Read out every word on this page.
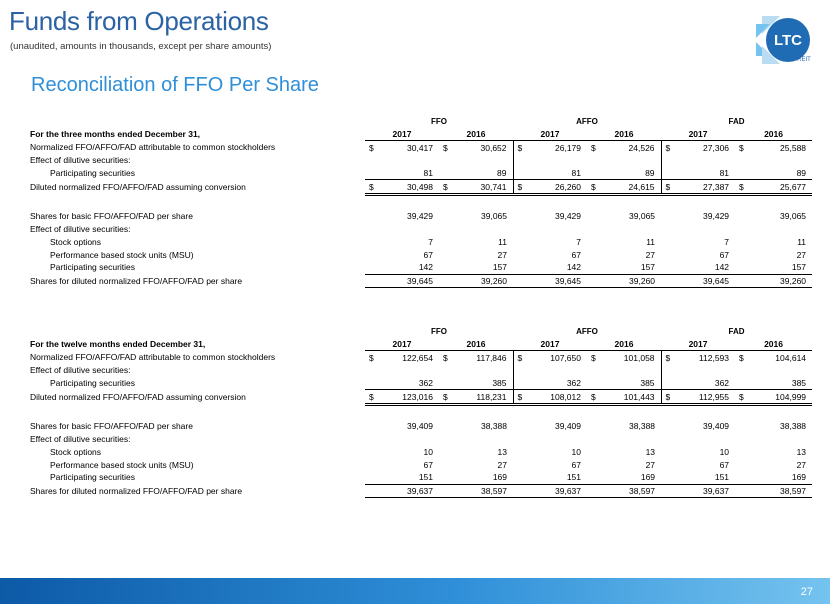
Funds from Operations
(unaudited, amounts in thousands, except per share amounts)
Reconciliation of FFO Per Share
LTC
REIT
	FFO				AFFO				FAD			
For the three months ended December 31,	2017		2016		2017		2016		2017		2016	
Normalized FFO/AFFO/FAD attributable to common stockholders	$	30,417	$	30,652	$	26,179	$	24,526	$	27,306	$	25,588
Effect of dilutive securities:												
Participating securities		81		89		81		89		81		89
Diluted normalized FFO/AFFO/FAD assuming conversion	$	30,498	$	30,741	$	26,260	$	24,615	$	27,387	$	25,677

Shares for basic FFO/AFFO/FAD per share		39,429		39,065		39,429		39,065		39,429		39,065
Effect of dilutive securities:												
Stock options		7		11		7		11		7		11
Performance based stock units (MSU)		67		27		67		27		67		27
Participating securities		142		157		142		157		142		157
Shares for diluted normalized FFO/AFFO/FAD per share		39,645		39,260		39,645		39,260		39,645		39,260
	FFO				AFFO				FAD			
For the twelve months ended December 31,	2017		2016		2017		2016		2017		2016	
Normalized FFO/AFFO/FAD attributable to common stockholders	$	122,654	$	117,846	$	107,650	$	101,058	$	112,593	$	104,614
Effect of dilutive securities:												
Participating securities		362		385		362		385		362		385
Diluted normalized FFO/AFFO/FAD assuming conversion	$	123,016	$	118,231	$	108,012	$	101,443	$	112,955	$	104,999

Shares for basic FFO/AFFO/FAD per share		39,409		38,388		39,409		38,388		39,409		38,388
Effect of dilutive securities:												
Stock options		10		13		10		13		10		13
Performance based stock units (MSU)		67		27		67		27		67		27
Participating securities		151		169		151		169		151		169
Shares for diluted normalized FFO/AFFO/FAD per share		39,637		38,597		39,637		38,597		39,637		38,597
27
